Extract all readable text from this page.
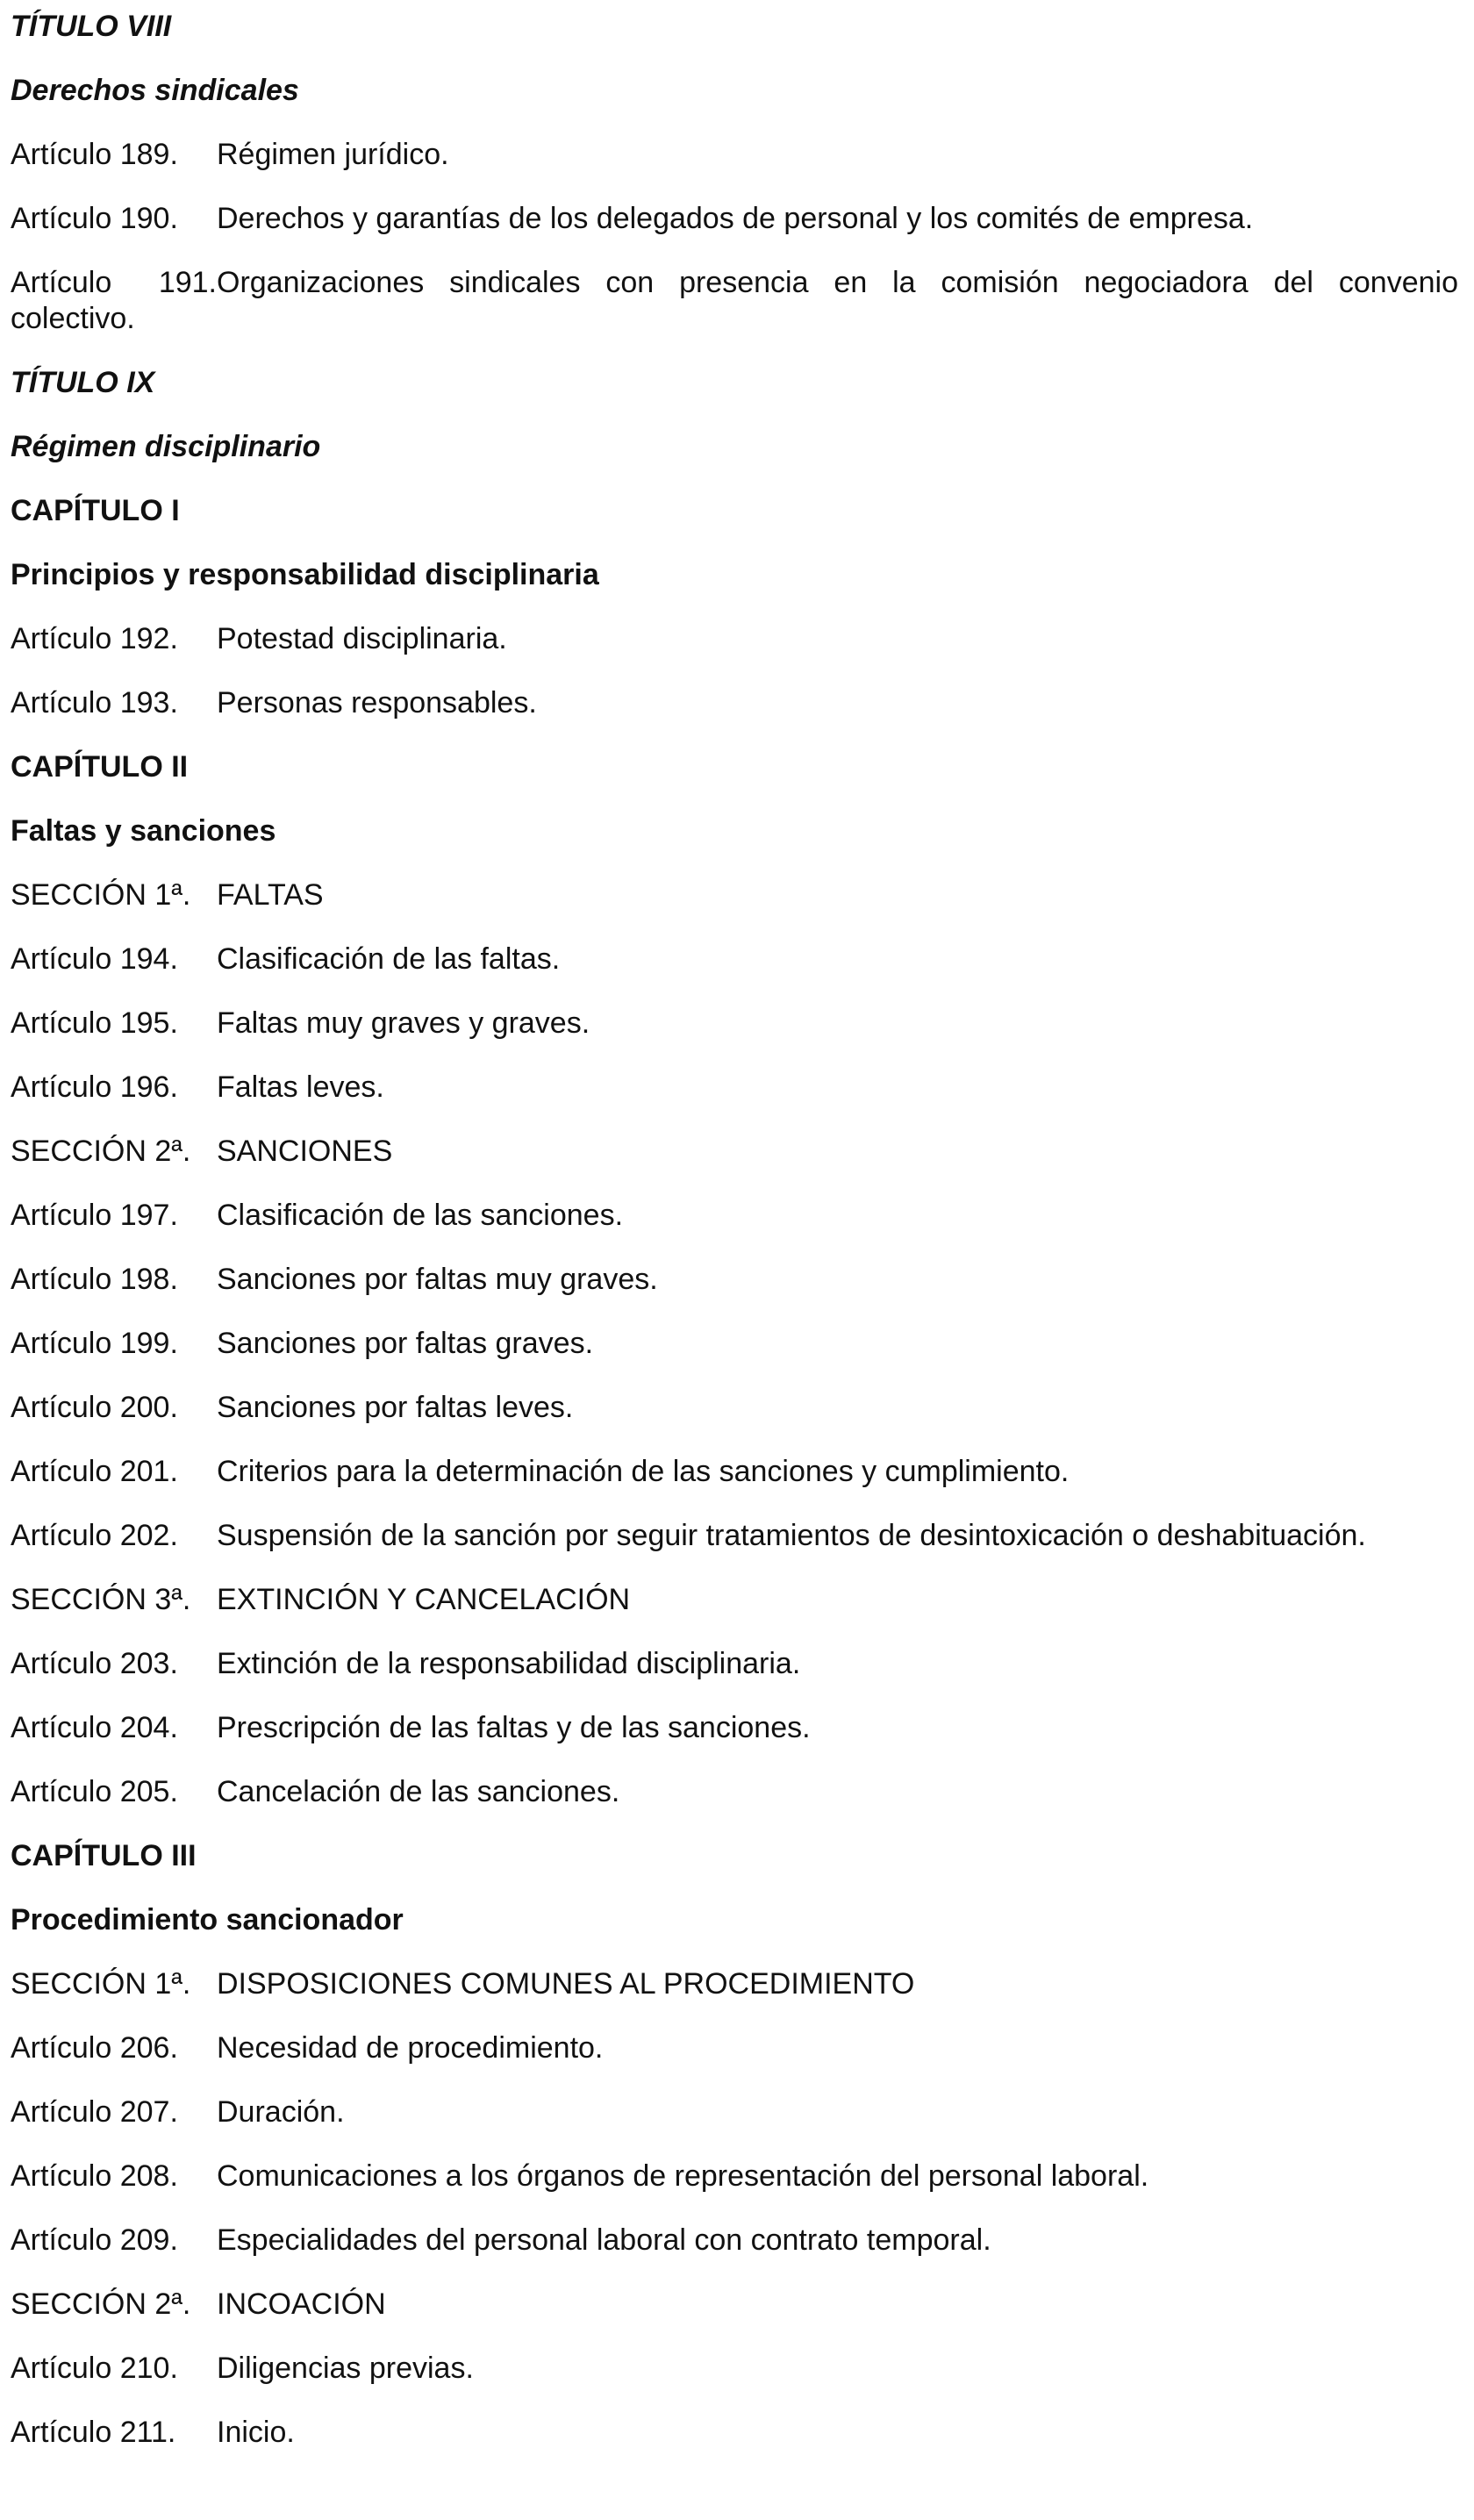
TÍTULO VIII
Derechos sindicales
Artículo 189. Régimen jurídico.
Artículo 190. Derechos y garantías de los delegados de personal y los comités de empresa.
Artículo 191.Organizaciones sindicales con presencia en la comisión negociadora del convenio
colectivo.
TÍTULO IX
Régimen disciplinario
CAPÍTULO I
Principios y responsabilidad disciplinaria
Artículo 192. Potestad disciplinaria.
Artículo 193. Personas responsables.
CAPÍTULO II
Faltas y sanciones
SECCIÓN 1ª. FALTAS
Artículo 194. Clasificación de las faltas.
Artículo 195. Faltas muy graves y graves.
Artículo 196. Faltas leves.
SECCIÓN 2ª. SANCIONES
Artículo 197. Clasificación de las sanciones.
Artículo 198. Sanciones por faltas muy graves.
Artículo 199. Sanciones por faltas graves.
Artículo 200. Sanciones por faltas leves.
Artículo 201. Criterios para la determinación de las sanciones y cumplimiento.
Artículo 202. Suspensión de la sanción por seguir tratamientos de desintoxicación o deshabituación.
SECCIÓN 3ª. EXTINCIÓN Y CANCELACIÓN
Artículo 203. Extinción de la responsabilidad disciplinaria.
Artículo 204. Prescripción de las faltas y de las sanciones.
Artículo 205. Cancelación de las sanciones.
CAPÍTULO III
Procedimiento sancionador
SECCIÓN 1ª. DISPOSICIONES COMUNES AL PROCEDIMIENTO
Artículo 206. Necesidad de procedimiento.
Artículo 207. Duración.
Artículo 208. Comunicaciones a los órganos de representación del personal laboral.
Artículo 209. Especialidades del personal laboral con contrato temporal.
SECCIÓN 2ª. INCOACIÓN
Artículo 210. Diligencias previas.
Artículo 211. Inicio.
